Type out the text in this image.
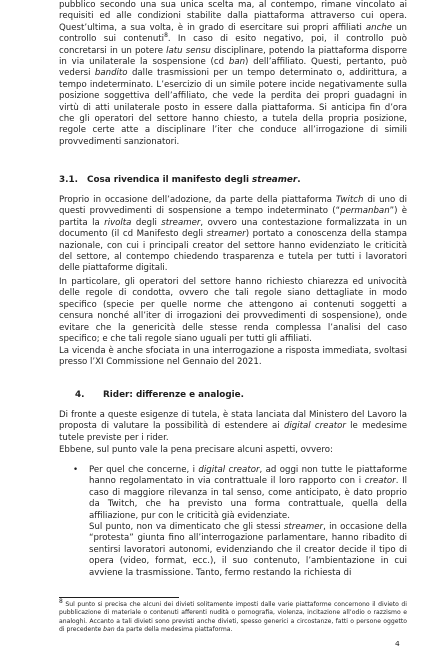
pubblico secondo una sua unica scelta ma, al contempo, rimane vincolato ai requisiti ed alle condizioni stabilite dalla piattaforma attraverso cui opera. Quest’ultima, a sua volta, è in grado di esercitare sui propri affiliati anche un controllo sui contenuti$^8$. In caso di esito negativo, poi, il controllo può concretarsi in un potere latu sensu disciplinare, potendo la piattaforma disporre in via unilaterale la sospensione (cd ban) dell’affiliato. Questi, pertanto, può vedersi bandito dalle trasmissioni per un tempo determinato o, addirittura, a tempo indeterminato. L’esercizio di un simile potere incide negativamente sulla posizione soggettiva dell’affiliato, che vede la perdita dei propri guadagni in virtù di atti unilaterale posto in essere dalla piattaforma. Si anticipa fin d’ora che gli operatori del settore hanno chiesto, a tutela della propria posizione, regole certe atte a disciplinare l’iter che conduce all’irrogazione di simili provvedimenti sanzionatori.

3.1. Cosa rivendica il manifesto degli streamer.

Proprio in occasione dell’adozione, da parte della piattaforma Twitch di uno di questi provvedimenti di sospensione a tempo indeterminato (“permanban”) è partita la rivolta degli streamer, ovvero una contestazione formalizzata in un documento (il cd Manifesto degli streamer) portato a conoscenza della stampa nazionale, con cui i principali creator del settore hanno evidenziato le criticità del settore, al contempo chiedendo trasparenza e tutela per tutti i lavoratori delle piattaforme digitali.

In particolare, gli operatori del settore hanno richiesto chiarezza ed univocità delle regole di condotta, ovvero che tali regole siano dettagliate in modo specifico (specie per quelle norme che attengono ai contenuti soggetti a censura nonché all’iter di irrogazioni dei provvedimenti di sospensione), onde evitare che la genericità delle stesse renda complessa l’analisi del caso specifico; e che tali regole siano uguali per tutti gli affiliati.

La vicenda è anche sfociata in una interrogazione a risposta immediata, svoltasi presso l’XI Commissione nel Gennaio del 2021.

4. Rider: differenze e analogie.

Di fronte a queste esigenze di tutela, è stata lanciata dal Ministero del Lavoro la proposta di valutare la possibilità di estendere ai digital creator le medesime tutele previste per i rider.

Ebbene, sul punto vale la pena precisare alcuni aspetti, ovvero:

• Per quel che concerne, i digital creator, ad oggi non tutte le piattaforme hanno regolamentato in via contrattuale il loro rapporto con i creator. Il caso di maggiore rilevanza in tal senso, come anticipato, è dato proprio da Twitch, che ha previsto una forma contrattuale, quella della affiliazione, pur con le criticità già evidenziate.

Sul punto, non va dimenticato che gli stessi streamer, in occasione della “protesta” giunta fino all’interrogazione parlamentare, hanno ribadito di sentirsi lavoratori autonomi, evidenziando che il creator decide il tipo di opera (video, format, ecc.), il suo contenuto, l’ambientazione in cui avviene la trasmissione. Tanto, fermo restando la richiesta di

$^8$ Sul punto si precisa che alcuni dei divieti solitamente imposti dalle varie piattaforme concernono il divieto di pubblicazione di materiale o contenuti afferenti nudità o pornografia, violenza, incitazione all’odio o razzismo e analoghi. Accanto a tali divieti sono previsti anche divieti, spesso generici a circostanze, fatti o persone oggetto di precedente ban da parte della medesima piattaforma.

4
